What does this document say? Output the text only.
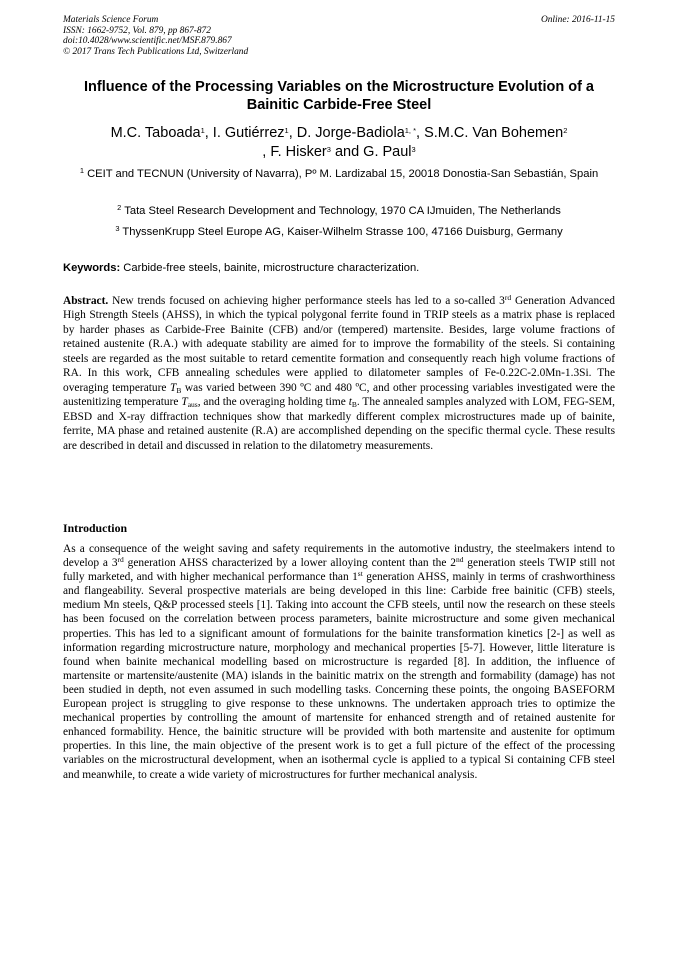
Materials Science Forum
ISSN: 1662-9752, Vol. 879, pp 867-872
doi:10.4028/www.scientific.net/MSF.879.867
© 2017 Trans Tech Publications Ltd, Switzerland
Online: 2016-11-15
Influence of the Processing Variables on the Microstructure Evolution of a Bainitic Carbide-Free Steel
M.C. Taboada$^1$, I. Gutiérrez$^1$, D. Jorge-Badiola$^{1, *}$, S.M.C. Van Bohemen$^2$
, F. Hisker$^3$ and G. Paul$^3$
$^1$ CEIT and TECNUN (University of Navarra), Pº M. Lardizabal 15, 20018 Donostia-San Sebastián, Spain
$^2$ Tata Steel Research Development and Technology, 1970 CA IJmuiden, The Netherlands
$^3$ ThyssenKrupp Steel Europe AG, Kaiser-Wilhelm Strasse 100, 47166 Duisburg, Germany
Keywords: Carbide-free steels, bainite, microstructure characterization.
Abstract. New trends focused on achieving higher performance steels has led to a so-called 3rd Generation Advanced High Strength Steels (AHSS), in which the typical polygonal ferrite found in TRIP steels as a matrix phase is replaced by harder phases as Carbide-Free Bainite (CFB) and/or (tempered) martensite. Besides, large volume fractions of retained austenite (R.A.) with adequate stability are aimed for to improve the formability of the steels. Si containing steels are regarded as the most suitable to retard cementite formation and consequently reach high volume fractions of RA. In this work, CFB annealing schedules were applied to dilatometer samples of Fe-0.22C-2.0Mn-1.3Si. The overaging temperature $T_B$ was varied between 390 ºC and 480 ºC, and other processing variables investigated were the austenitizing temperature $T_{aus}$, and the overaging holding time $t_B$. The annealed samples analyzed with LOM, FEG-SEM, EBSD and X-ray diffraction techniques show that markedly different complex microstructures made up of bainite, ferrite, MA phase and retained austenite (R.A) are accomplished depending on the specific thermal cycle. These results are described in detail and discussed in relation to the dilatometry measurements.
Introduction
As a consequence of the weight saving and safety requirements in the automotive industry, the steelmakers intend to develop a 3rd generation AHSS characterized by a lower alloying content than the 2nd generation steels TWIP still not fully marketed, and with higher mechanical performance than 1st generation AHSS, mainly in terms of crashworthiness and flangeability. Several prospective materials are being developed in this line: Carbide free bainitic (CFB) steels, medium Mn steels, Q&P processed steels [1]. Taking into account the CFB steels, until now the research on these steels has been focused on the correlation between process parameters, bainite microstructure and some given mechanical properties. This has led to a significant amount of formulations for the bainite transformation kinetics [2-] as well as information regarding microstructure nature, morphology and mechanical properties [5-7]. However, little literature is found when bainite mechanical modelling based on microstructure is regarded [8]. In addition, the influence of martensite or martensite/austenite (MA) islands in the bainitic matrix on the strength and formability (damage) has not been studied in depth, not even assumed in such modelling tasks. Concerning these points, the ongoing BASEFORM European project is struggling to give response to these unknowns. The undertaken approach tries to optimize the mechanical properties by controlling the amount of martensite for enhanced strength and of retained austenite for enhanced formability. Hence, the bainitic structure will be provided with both martensite and austenite for optimum properties. In this line, the main objective of the present work is to get a full picture of the effect of the processing variables on the microstructural development, when an isothermal cycle is applied to a typical Si containing CFB steel and meanwhile, to create a wide variety of microstructures for further mechanical analysis.
